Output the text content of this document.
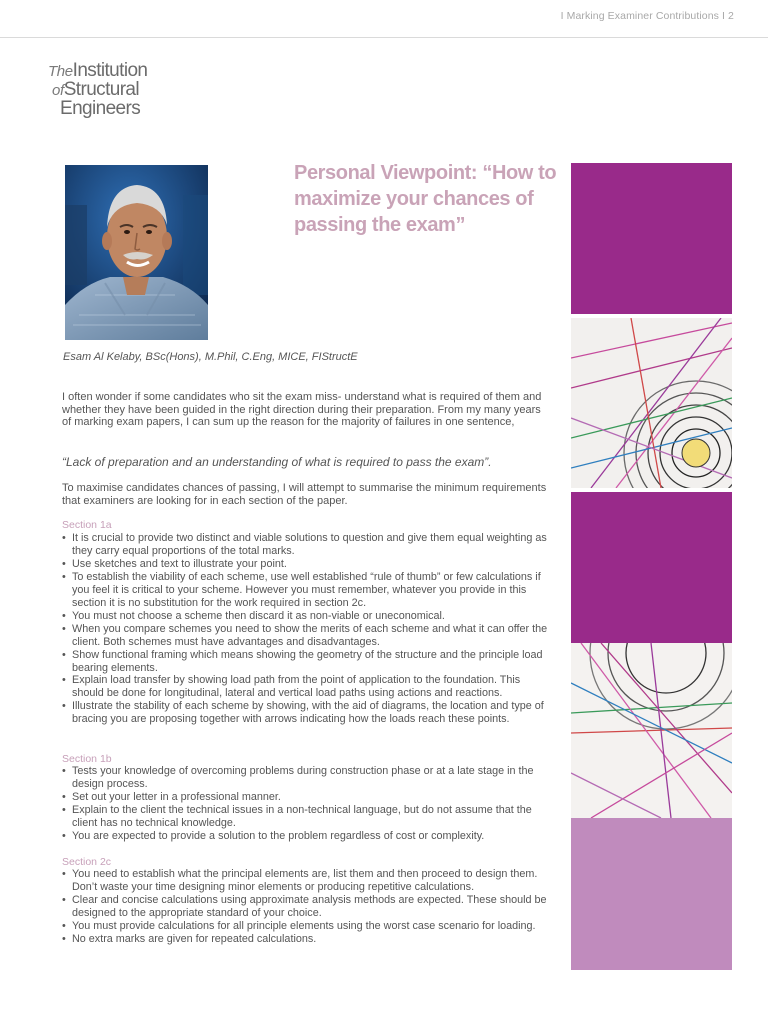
I Marking Examiner Contributions I 2
TheInstitution
ofStructural
Engineers
Personal Viewpoint: “How to maximize your chances of passing the exam”
Esam Al Kelaby, BSc(Hons), M.Phil, C.Eng, MICE, FIStructE

I often wonder if some candidates who sit the exam miss- understand what is required of them and whether they have been guided in the right direction during their preparation. From my many years of marking exam papers, I can sum up the reason for the majority of failures in one sentence,

“Lack of preparation and an understanding of what is required to pass the exam”.

To maximise candidates chances of passing, I will attempt to summarise the minimum requirements that examiners are looking for in each section of the paper.

Section 1a
• It is crucial to provide two distinct and viable solutions to question and give them equal weighting as they carry equal proportions of the total marks.
• Use sketches and text to illustrate your point.
• To establish the viability of each scheme, use well established “rule of thumb” or few calculations if you feel it is critical to your scheme. However you must remember, whatever you provide in this section it is no substitution for the work required in section 2c.
• You must not choose a scheme then discard it as non-viable or uneconomical.
• When you compare schemes you need to show the merits of each scheme and what it can offer the client. Both schemes must have advantages and disadvantages.
• Show functional framing which means showing the geometry of the structure and the principle load bearing elements.
• Explain load transfer by showing load path from the point of application to the foundation. This should be done for longitudinal, lateral and vertical load paths using actions and reactions.
• Illustrate the stability of each scheme by showing, with the aid of diagrams, the location and type of bracing you are proposing together with arrows indicating how the loads reach these points.
Section 1b
• Tests your knowledge of overcoming problems during construction phase or at a late stage in the design process.
• Set out your letter in a professional manner.
• Explain to the client the technical issues in a non-technical language, but do not assume that the client has no technical knowledge.
• You are expected to provide a solution to the problem regardless of cost or complexity.
Section 2c
• You need to establish what the principal elements are, list them and then proceed to design them. Don’t waste your time designing minor elements or producing repetitive calculations.
• Clear and concise calculations using approximate analysis methods are expected. These should be designed to the appropriate standard of your choice.
• You must provide calculations for all principle elements using the worst case scenario for loading.
• No extra marks are given for repeated calculations.
